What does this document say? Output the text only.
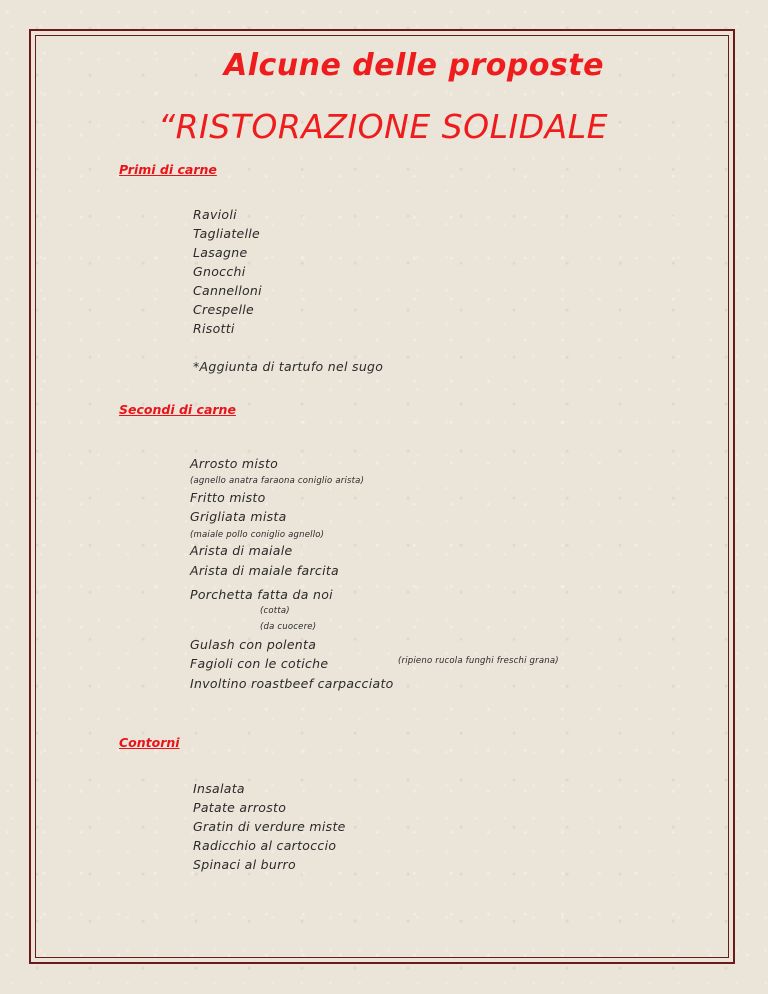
Alcune delle proposte
“RISTORAZIONE SOLIDALE
Primi di carne
Ravioli
Tagliatelle
Lasagne
Gnocchi
Cannelloni
Crespelle
Risotti
*Aggiunta di tartufo nel sugo
Secondi di carne
Arrosto misto
(agnello anatra faraona coniglio arista)
Fritto misto
Grigliata mista
(maiale pollo coniglio agnello)
Arista di maiale
Arista di maiale farcita
Porchetta fatta da noi
(cotta)
(da cuocere)
Gulash con polenta
Fagioli con le cotiche	(ripieno rucola funghi freschi grana)
Involtino roastbeef carpacciato
Contorni
Insalata
Patate arrosto
Gratin di verdure miste
Radicchio al cartoccio
Spinaci al burro
